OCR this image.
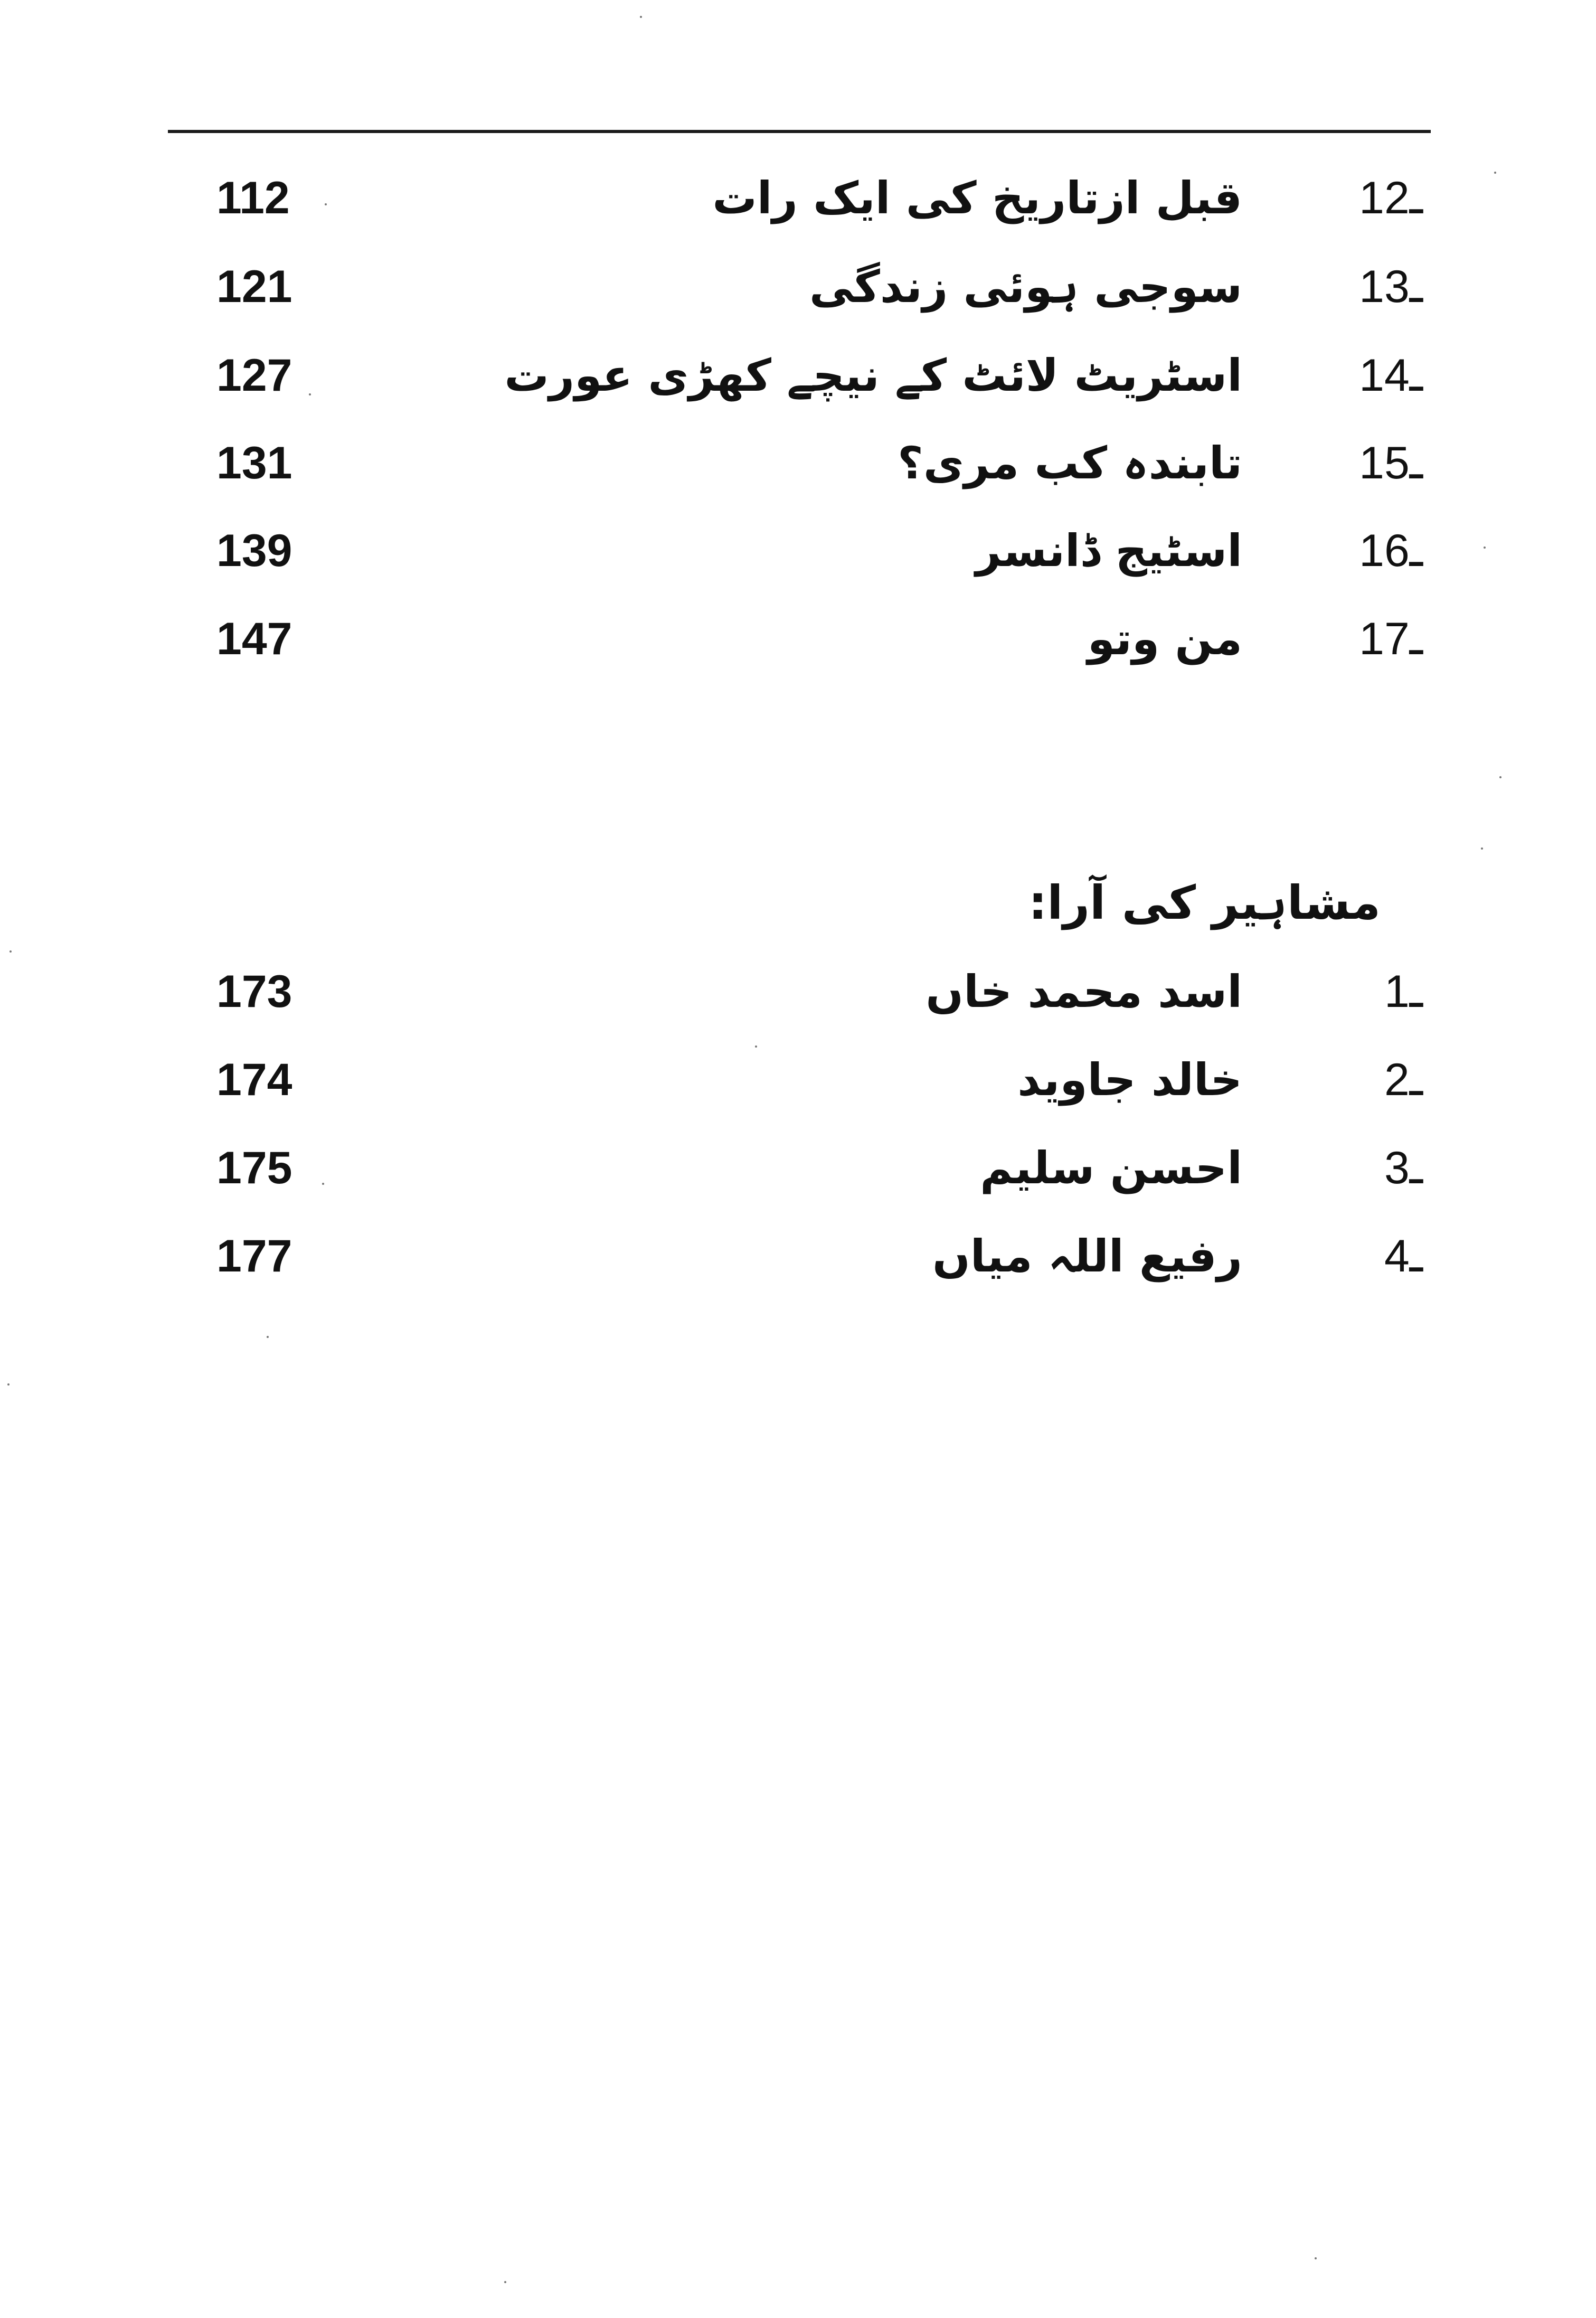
12ـ
قبل ازتاریخ کی ایک رات
112
13ـ
سوجی ہوئی زندگی
121
14ـ
اسٹریٹ لائٹ کے نیچے کھڑی عورت
127
15ـ
تابندہ کب مری؟
131
16ـ
اسٹیج ڈانسر
139
17ـ
من وتو
147
مشاہیر کی آرا:
1ـ
اسد محمد خاں
173
2ـ
خالد جاوید
174
3ـ
احسن سلیم
175
4ـ
رفیع اللہ میاں
177
